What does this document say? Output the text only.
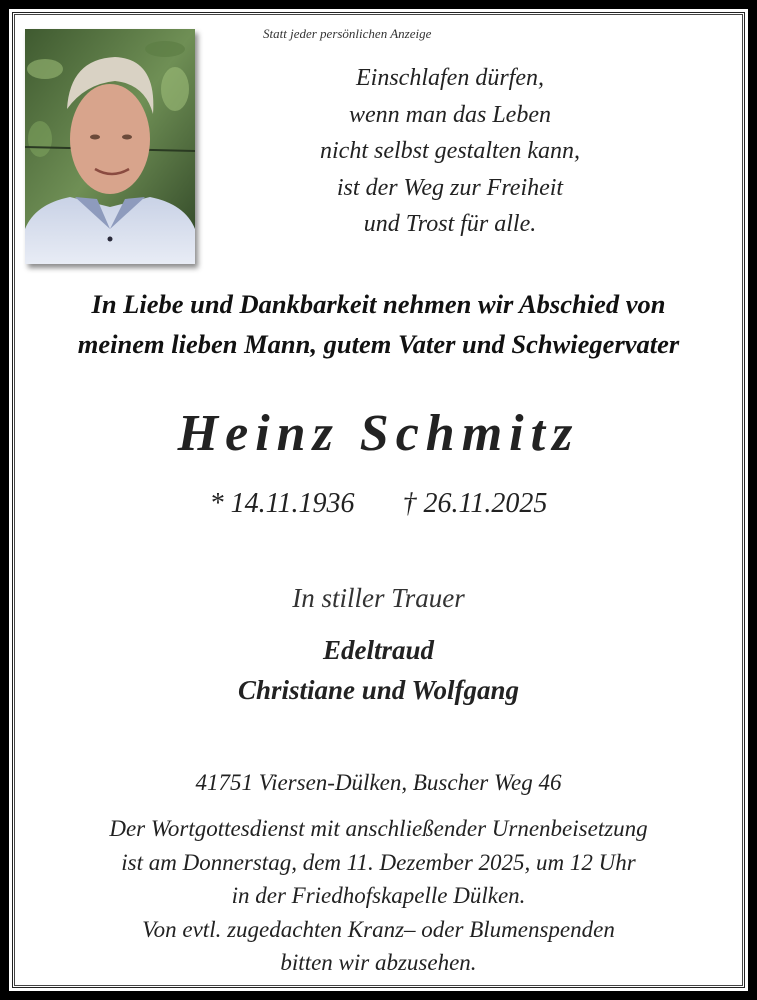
Statt jeder persönlichen Anzeige
Einschlafen dürfen,
wenn man das Leben
nicht selbst gestalten kann,
ist der Weg zur Freiheit
und Trost für alle.
In Liebe und Dankbarkeit nehmen wir Abschied von
meinem lieben Mann, gutem Vater und Schwiegervater
Heinz Schmitz
* 14.11.1936 † 26.11.2025
In stiller Trauer
Edeltraud
Christiane und Wolfgang
41751 Viersen-Dülken, Buscher Weg 46
Der Wortgottesdienst mit anschließender Urnenbeisetzung
ist am Donnerstag, dem 11. Dezember 2025, um 12 Uhr
in der Friedhofskapelle Dülken.
Von evtl. zugedachten Kranz– oder Blumenspenden
bitten wir abzusehen.
